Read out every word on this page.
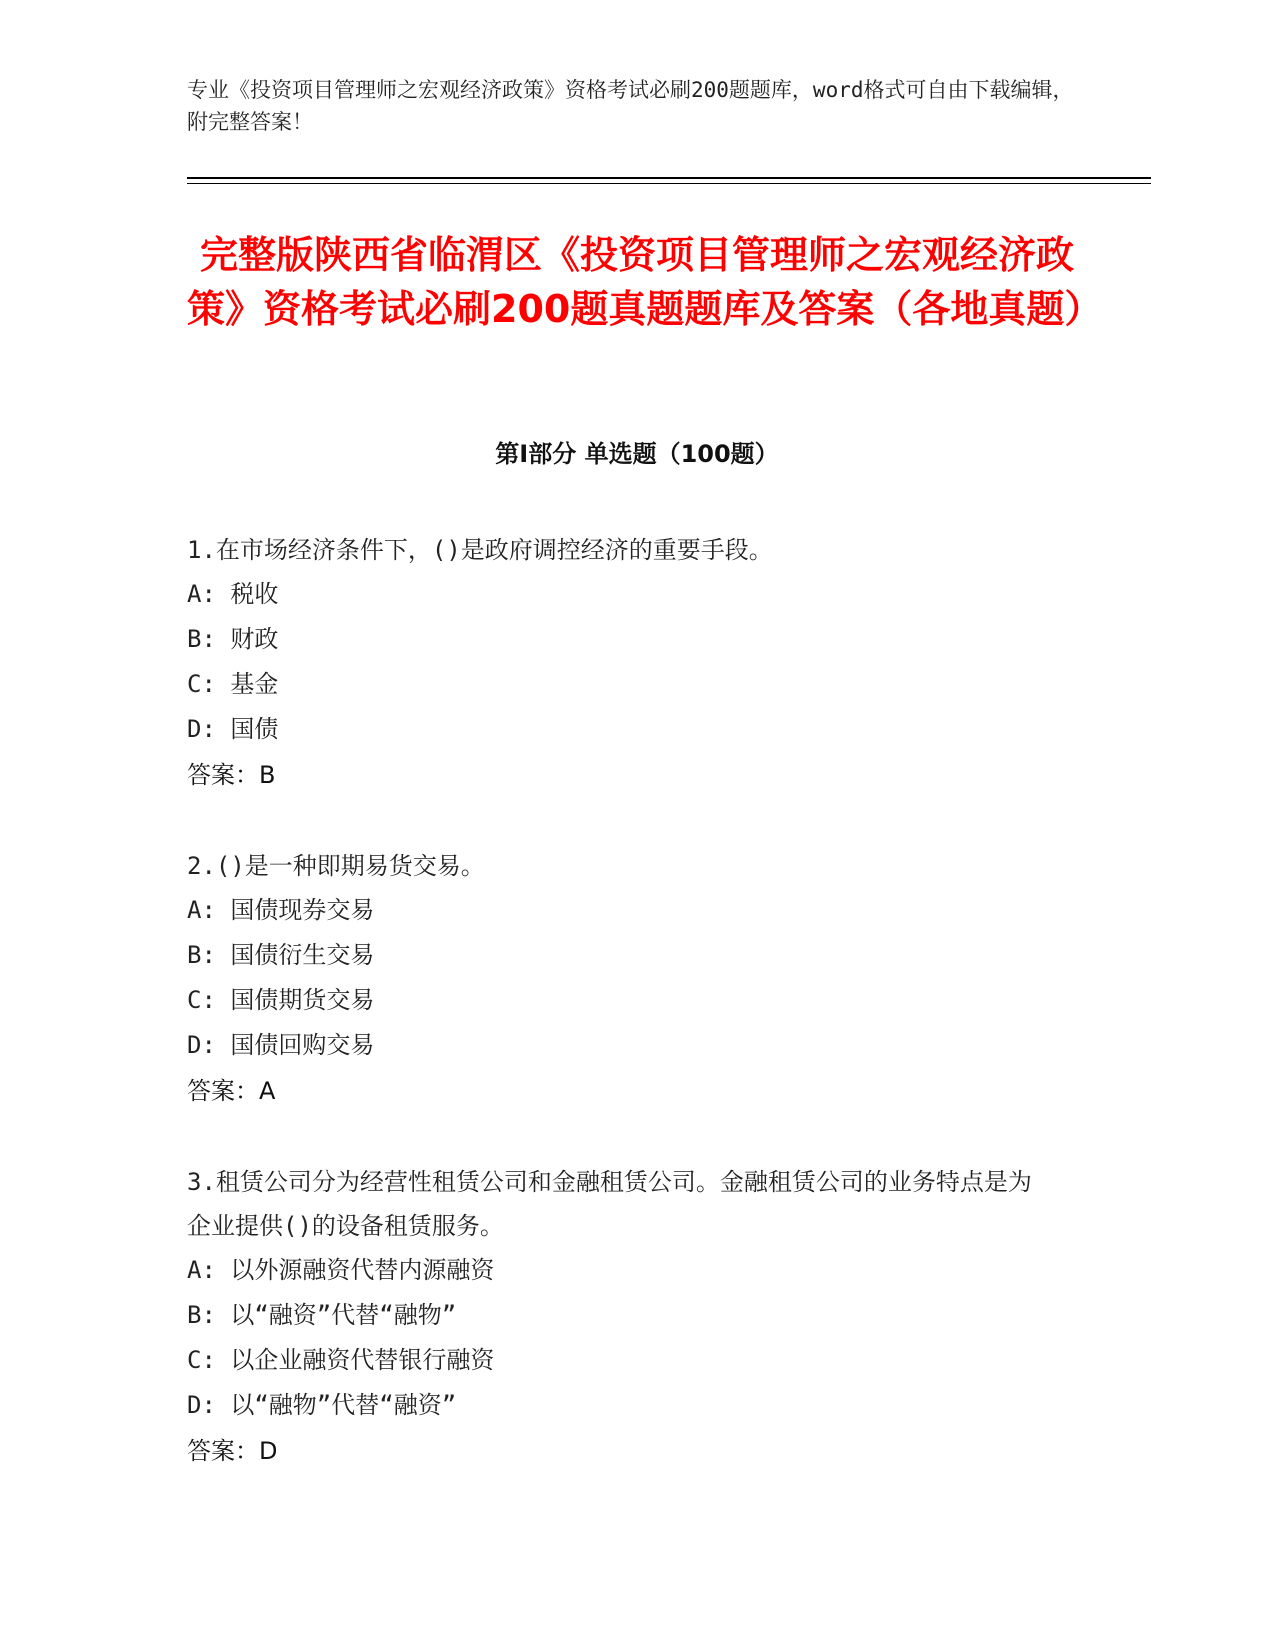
专业《投资项目管理师之宏观经济政策》资格考试必刷200题题库，word格式可自由下载编辑，附完整答案！
完整版陕西省临渭区《投资项目管理师之宏观经济政策》资格考试必刷200题真题题库及答案（各地真题）
第Ⅰ部分 单选题（100题）
1.在市场经济条件下，()是政府调控经济的重要手段。
A: 税收
B: 财政
C: 基金
D: 国债
答案：B
2.()是一种即期易货交易。
A: 国债现券交易
B: 国债衍生交易
C: 国债期货交易
D: 国债回购交易
答案：A
3.租赁公司分为经营性租赁公司和金融租赁公司。金融租赁公司的业务特点是为企业提供()的设备租赁服务。
A: 以外源融资代替内源融资
B: 以“融资”代替“融物”
C: 以企业融资代替银行融资
D: 以“融物”代替“融资”
答案：D
